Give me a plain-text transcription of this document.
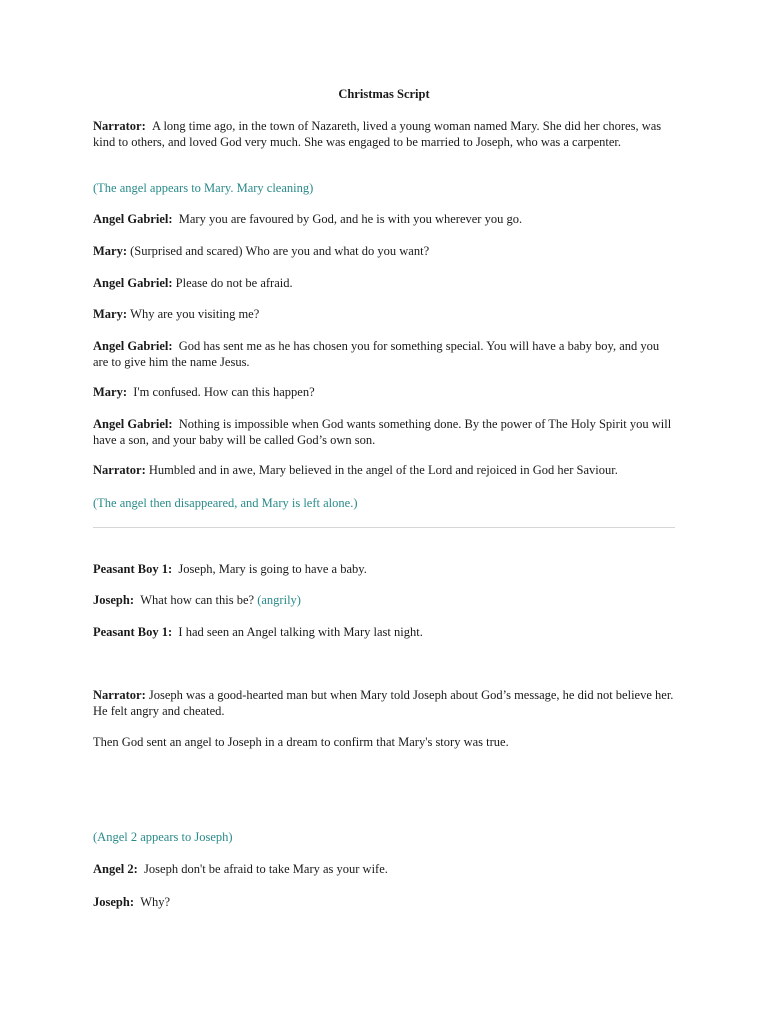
Christmas Script

Narrator: A long time ago, in the town of Nazareth, lived a young woman named Mary. She did her chores, was kind to others, and loved God very much. She was engaged to be married to Joseph, who was a carpenter.

(The angel appears to Mary. Mary cleaning)

Angel Gabriel: Mary you are favoured by God, and he is with you wherever you go.

Mary: (Surprised and scared) Who are you and what do you want?

Angel Gabriel: Please do not be afraid.

Mary: Why are you visiting me?

Angel Gabriel: God has sent me as he has chosen you for something special. You will have a baby boy, and you are to give him the name Jesus.

Mary: I'm confused. How can this happen?

Angel Gabriel: Nothing is impossible when God wants something done. By the power of The Holy Spirit you will have a son, and your baby will be called God’s own son.

Narrator: Humbled and in awe, Mary believed in the angel of the Lord and rejoiced in God her Saviour.

(The angel then disappeared, and Mary is left alone.)

Peasant Boy 1: Joseph, Mary is going to have a baby.

Joseph: What how can this be? (angrily)

Peasant Boy 1: I had seen an Angel talking with Mary last night.

Narrator: Joseph was a good-hearted man but when Mary told Joseph about God’s message, he did not believe her. He felt angry and cheated.

Then God sent an angel to Joseph in a dream to confirm that Mary's story was true.

(Angel 2 appears to Joseph)

Angel 2: Joseph don't be afraid to take Mary as your wife.

Joseph: Why?
